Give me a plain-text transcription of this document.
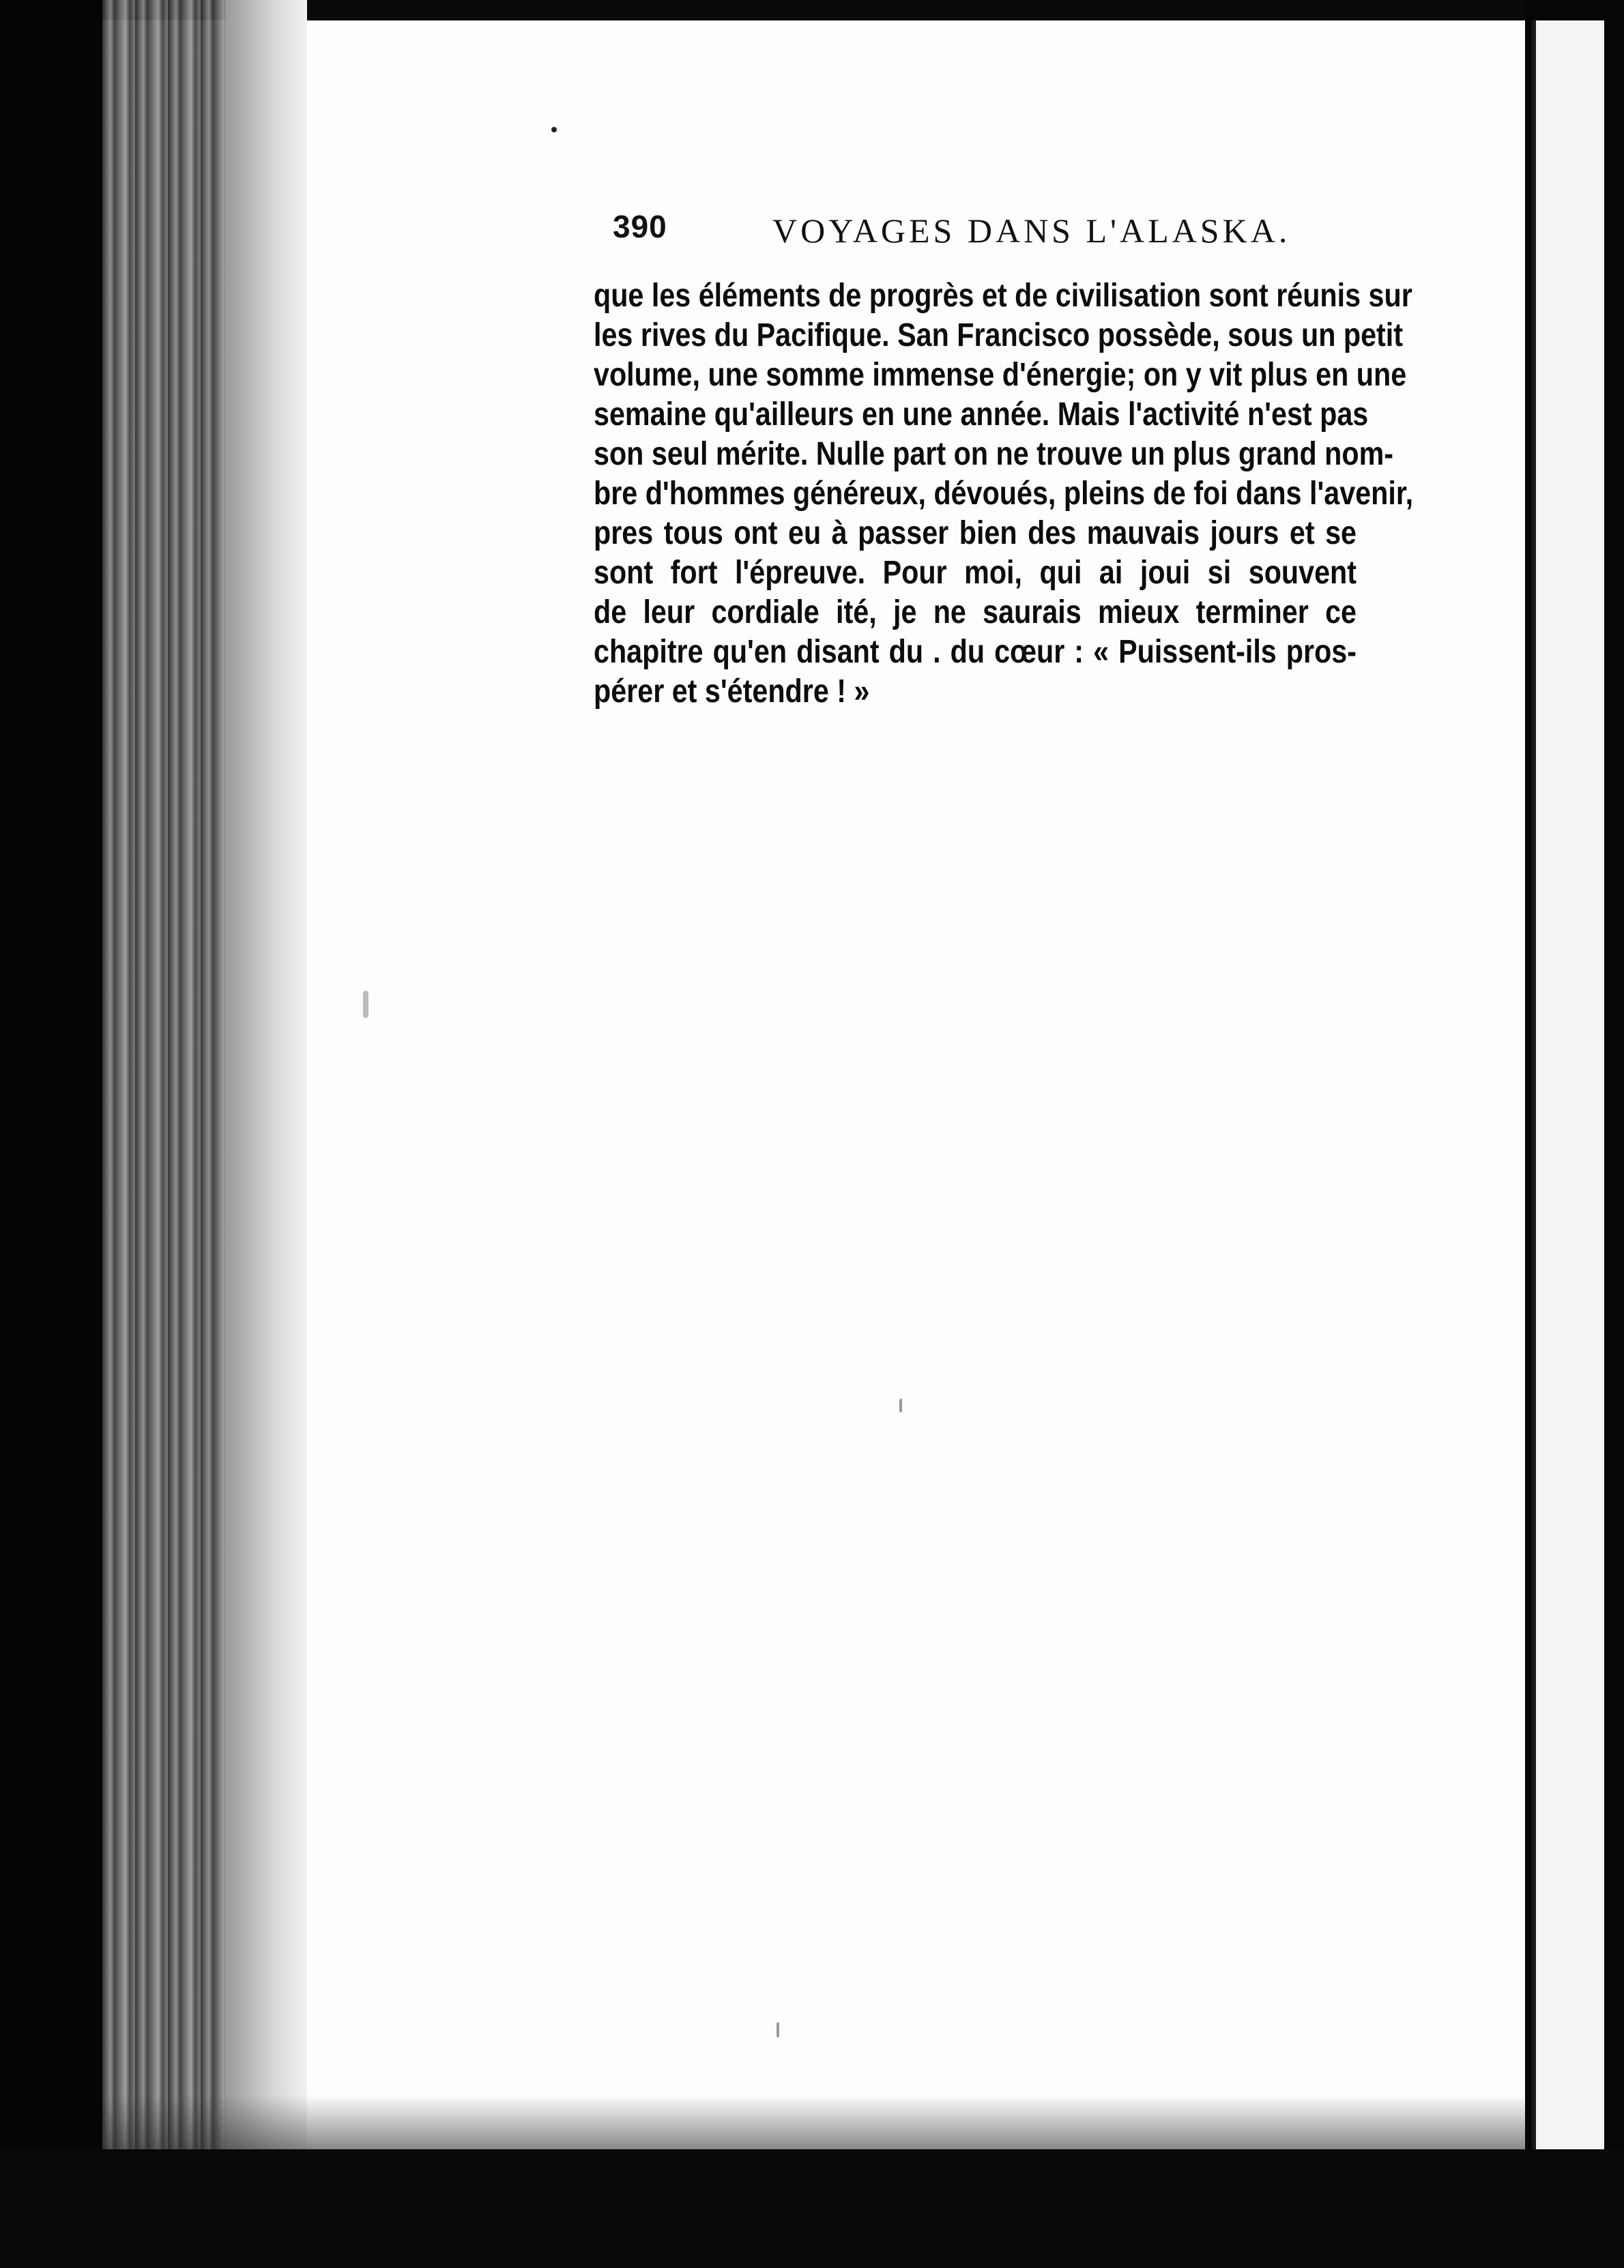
390	VOYAGES DANS L'ALASKA.
que les éléments de progrès et de civilisation sont réunis sur
les rives du Pacifique. San Francisco possède, sous un petit
volume, une somme immense d'énergie; on y vit plus en une
semaine qu'ailleurs en une année. Mais l'activité n'est pas
son seul mérite. Nulle part on ne trouve un plus grand nom-
bre d'hommes généreux, dévoués, pleins de foi dans l'avenir,
pres tous ont eu à passer bien des mauvais jours et se
sont fort l'épreuve. Pour moi, qui ai joui si souvent
de leur cordiale ité, je ne saurais mieux terminer ce
chapitre qu'en disant du . du cœur : « Puissent-ils pros-
pérer et s'étendre ! »
